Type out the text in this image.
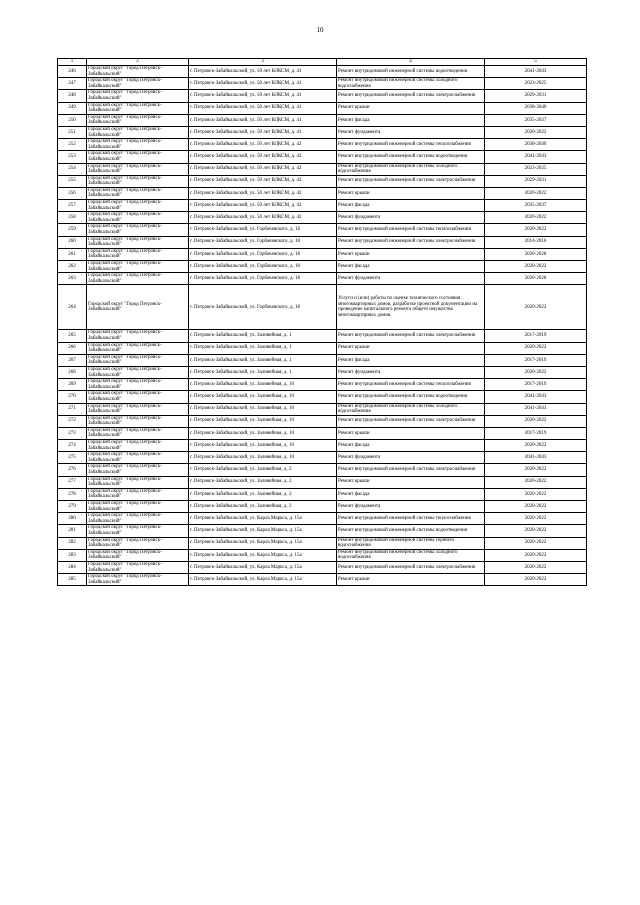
10
1	2	3	4	5
246	Городской округ "Город Петровск-Забайкальский"	г. Петровск-Забайкальский, ул. 50 лет ВЛКСМ, д. 41	Ремонт внутридомовой инженерной системы водоотведения	2041-2043
247	Городской округ "Город Петровск-Забайкальский"	г. Петровск-Забайкальский, ул. 50 лет ВЛКСМ, д. 41	Ремонт внутридомовой инженерной системы холодного водоснабжения	2023-2025
248	Городской округ "Город Петровск-Забайкальский"	г. Петровск-Забайкальский, ул. 50 лет ВЛКСМ, д. 41	Ремонт внутридомовой инженерной системы электроснабжения	2029-2031
249	Городской округ "Город Петровск-Забайкальский"	г. Петровск-Забайкальский, ул. 50 лет ВЛКСМ, д. 41	Ремонт крыши	2038-2040
250	Городской округ "Город Петровск-Забайкальский"	г. Петровск-Забайкальский, ул. 50 лет ВЛКСМ, д. 41	Ремонт фасада	2035-2037
251	Городской округ "Город Петровск-Забайкальский"	г. Петровск-Забайкальский, ул. 50 лет ВЛКСМ, д. 41	Ремонт фундамента	2020-2022
252	Городской округ "Город Петровск-Забайкальский"	г. Петровск-Забайкальский, ул. 50 лет ВЛКСМ, д. 42	Ремонт внутридомовой инженерной системы теплоснабжения	2038-2040
253	Городской округ "Город Петровск-Забайкальский"	г. Петровск-Забайкальский, ул. 50 лет ВЛКСМ, д. 42	Ремонт внутридомовой инженерной системы водоотведения	2041-2043
254	Городской округ "Город Петровск-Забайкальский"	г. Петровск-Забайкальский, ул. 50 лет ВЛКСМ, д. 42	Ремонт внутридомовой инженерной системы холодного водоснабжения	2023-2025
255	Городской округ "Город Петровск-Забайкальский"	г. Петровск-Забайкальский, ул. 50 лет ВЛКСМ, д. 42	Ремонт внутридомовой инженерной системы электроснабжения	2029-2031
256	Городской округ "Город Петровск-Забайкальский"	г. Петровск-Забайкальский, ул. 50 лет ВЛКСМ, д. 42	Ремонт крыши	2020-2022
257	Городской округ "Город Петровск-Забайкальский"	г. Петровск-Забайкальский, ул. 50 лет ВЛКСМ, д. 42	Ремонт фасада	2035-2037
258	Городской округ "Город Петровск-Забайкальский"	г. Петровск-Забайкальский, ул. 50 лет ВЛКСМ, д. 42	Ремонт фундамента	2020-2022
259	Городской округ "Город Петровск-Забайкальский"	г. Петровск-Забайкальский, ул. Горбачевского, д. 18	Ремонт внутридомовой инженерной системы теплоснабжения	2020-2022
260	Городской округ "Город Петровск-Забайкальский"	г. Петровск-Забайкальский, ул. Горбачевского, д. 18	Ремонт внутридомовой инженерной системы электроснабжения	2014-2016
261	Городской округ "Город Петровск-Забайкальский"	г. Петровск-Забайкальский, ул. Горбачевского, д. 18	Ремонт крыши	2026-2028
262	Городской округ "Город Петровск-Забайкальский"	г. Петровск-Забайкальский, ул. Горбачевского, д. 18	Ремонт фасада	2020-2022
263	Городской округ "Город Петровск-Забайкальский"	г. Петровск-Забайкальский, ул. Горбачевского, д. 18	Ремонт фундамента	2026-2028
264	Городской округ "Город Петровск-Забайкальский"	г. Петровск-Забайкальский, ул. Горбачевского, д. 18	Услуги и (или) работы по оценке технического состояния многоквартирных домов, разработке проектной документации на проведение капитального ремонта общего имущества многоквартирных домов	2020-2022
265	Городской округ "Город Петровск-Забайкальский"	г. Петровск-Забайкальский, ул. Заливейная, д. 1	Ремонт внутридомовой инженерной системы электроснабжения	2017-2019
266	Городской округ "Город Петровск-Забайкальский"	г. Петровск-Забайкальский, ул. Заливейная, д. 1	Ремонт крыши	2020-2022
267	Городской округ "Город Петровск-Забайкальский"	г. Петровск-Забайкальский, ул. Заливейная, д. 1	Ремонт фасада	2017-2019
268	Городской округ "Город Петровск-Забайкальский"	г. Петровск-Забайкальский, ул. Заливейная, д. 1	Ремонт фундамента	2020-2022
269	Городской округ "Город Петровск-Забайкальский"	г. Петровск-Забайкальский, ул. Заливейная, д. 10	Ремонт внутридомовой инженерной системы теплоснабжения	2017-2019
270	Городской округ "Город Петровск-Забайкальский"	г. Петровск-Забайкальский, ул. Заливейная, д. 10	Ремонт внутридомовой инженерной системы водоотведения	2041-2043
271	Городской округ "Город Петровск-Забайкальский"	г. Петровск-Забайкальский, ул. Заливейная, д. 10	Ремонт внутридомовой инженерной системы холодного водоснабжения	2041-2043
272	Городской округ "Город Петровск-Забайкальский"	г. Петровск-Забайкальский, ул. Заливейная, д. 10	Ремонт внутридомовой инженерной системы электроснабжения	2020-2022
273	Городской округ "Город Петровск-Забайкальский"	г. Петровск-Забайкальский, ул. Заливейная, д. 10	Ремонт крыши	2017-2019
274	Городской округ "Город Петровск-Забайкальский"	г. Петровск-Забайкальский, ул. Заливейная, д. 10	Ремонт фасада	2020-2022
275	Городской округ "Город Петровск-Забайкальский"	г. Петровск-Забайкальский, ул. Заливейная, д. 10	Ремонт фундамента	2041-2043
276	Городской округ "Город Петровск-Забайкальский"	г. Петровск-Забайкальский, ул. Заливейная, д. 2	Ремонт внутридомовой инженерной системы электроснабжения	2020-2022
277	Городской округ "Город Петровск-Забайкальский"	г. Петровск-Забайкальский, ул. Заливейная, д. 2	Ремонт крыши	2020-2022
278	Городской округ "Город Петровск-Забайкальский"	г. Петровск-Забайкальский, ул. Заливейная, д. 2	Ремонт фасада	2020-2022
279	Городской округ "Город Петровск-Забайкальский"	г. Петровск-Забайкальский, ул. Заливейная, д. 2	Ремонт фундамента	2020-2022
280	Городской округ "Город Петровск-Забайкальский"	г. Петровск-Забайкальский, ул. Карла Маркса, д. 15а	Ремонт внутридомовой инженерной системы теплоснабжения	2020-2022
281	Городской округ "Город Петровск-Забайкальский"	г. Петровск-Забайкальский, ул. Карла Маркса, д. 15а	Ремонт внутридомовой инженерной системы водоотведения	2020-2022
282	Городской округ "Город Петровск-Забайкальский"	г. Петровск-Забайкальский, ул. Карла Маркса, д. 15а	Ремонт внутридомовой инженерной системы горячего водоснабжения	2020-2022
283	Городской округ "Город Петровск-Забайкальский"	г. Петровск-Забайкальский, ул. Карла Маркса, д. 15а	Ремонт внутридомовой инженерной системы холодного водоснабжения	2020-2022
284	Городской округ "Город Петровск-Забайкальский"	г. Петровск-Забайкальский, ул. Карла Маркса, д. 15а	Ремонт внутридомовой инженерной системы электроснабжения	2020-2022
285	Городской округ "Город Петровск-Забайкальский"	г. Петровск-Забайкальский, ул. Карла Маркса, д. 15а	Ремонт крыши	2020-2022
